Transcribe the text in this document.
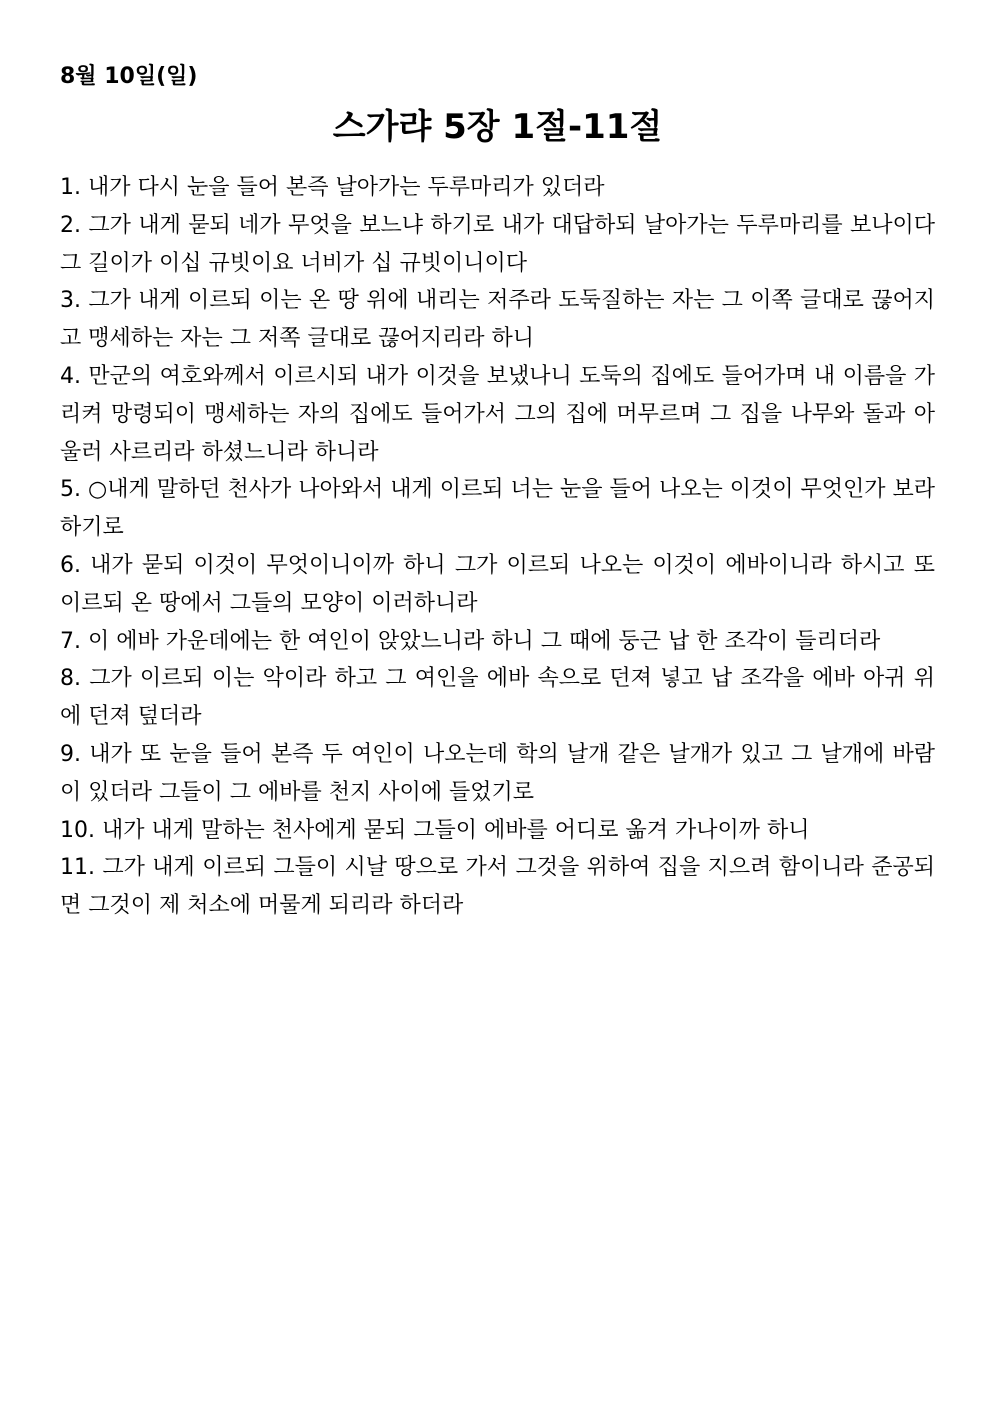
8월 10일(일)
스가랴 5장 1절-11절

1. 내가 다시 눈을 들어 본즉 날아가는 두루마리가 있더라

2. 그가 내게 묻되 네가 무엇을 보느냐 하기로 내가 대답하되 날아가는 두루마리를 보나이다 그 길이가 이십 규빗이요 너비가 십 규빗이니이다

3. 그가 내게 이르되 이는 온 땅 위에 내리는 저주라 도둑질하는 자는 그 이쪽 글대로 끊어지고 맹세하는 자는 그 저쪽 글대로 끊어지리라 하니

4. 만군의 여호와께서 이르시되 내가 이것을 보냈나니 도둑의 집에도 들어가며 내 이름을 가리켜 망령되이 맹세하는 자의 집에도 들어가서 그의 집에 머무르며 그 집을 나무와 돌과 아울러 사르리라 하셨느니라 하니라

5. ○내게 말하던 천사가 나아와서 내게 이르되 너는 눈을 들어 나오는 이것이 무엇인가 보라 하기로

6. 내가 묻되 이것이 무엇이니이까 하니 그가 이르되 나오는 이것이 에바이니라 하시고 또 이르되 온 땅에서 그들의 모양이 이러하니라

7. 이 에바 가운데에는 한 여인이 앉았느니라 하니 그 때에 둥근 납 한 조각이 들리더라

8. 그가 이르되 이는 악이라 하고 그 여인을 에바 속으로 던져 넣고 납 조각을 에바 아귀 위에 던져 덮더라

9. 내가 또 눈을 들어 본즉 두 여인이 나오는데 학의 날개 같은 날개가 있고 그 날개에 바람이 있더라 그들이 그 에바를 천지 사이에 들었기로

10. 내가 내게 말하는 천사에게 묻되 그들이 에바를 어디로 옮겨 가나이까 하니

11. 그가 내게 이르되 그들이 시날 땅으로 가서 그것을 위하여 집을 지으려 함이니라 준공되면 그것이 제 처소에 머물게 되리라 하더라
